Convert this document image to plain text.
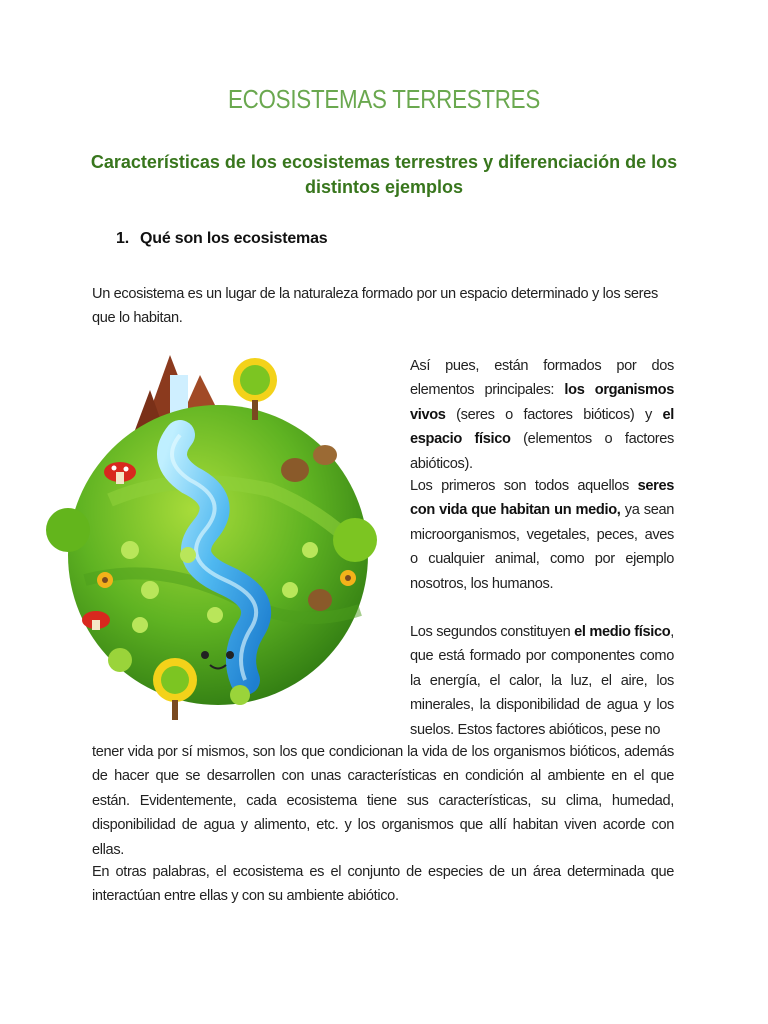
ECOSISTEMAS TERRESTRES
Características de los ecosistemas terrestres y diferenciación de los distintos ejemplos
1. Qué son los ecosistemas
Un ecosistema es un lugar de la naturaleza formado por un espacio determinado y los seres que lo habitan.
Así pues, están formados por dos elementos principales: los organismos vivos (seres o factores bióticos) y el espacio físico (elementos o factores abióticos).
Los primeros son todos aquellos seres con vida que habitan un medio, ya sean microorganismos, vegetales, peces, aves o cualquier animal, como por ejemplo nosotros, los humanos.
Los segundos constituyen el medio físico, que está formado por componentes como la energía, el calor, la luz, el aire, los minerales, la disponibilidad de agua y los suelos. Estos factores abióticos, pese no
tener vida por sí mismos, son los que condicionan la vida de los organismos bióticos, además de hacer que se desarrollen con unas características en condición al ambiente en el que están. Evidentemente, cada ecosistema tiene sus características, su clima, humedad, disponibilidad de agua y alimento, etc. y los organismos que allí habitan viven acorde con ellas.
En otras palabras, el ecosistema es el conjunto de especies de un área determinada que interactúan entre ellas y con su ambiente abiótico.
